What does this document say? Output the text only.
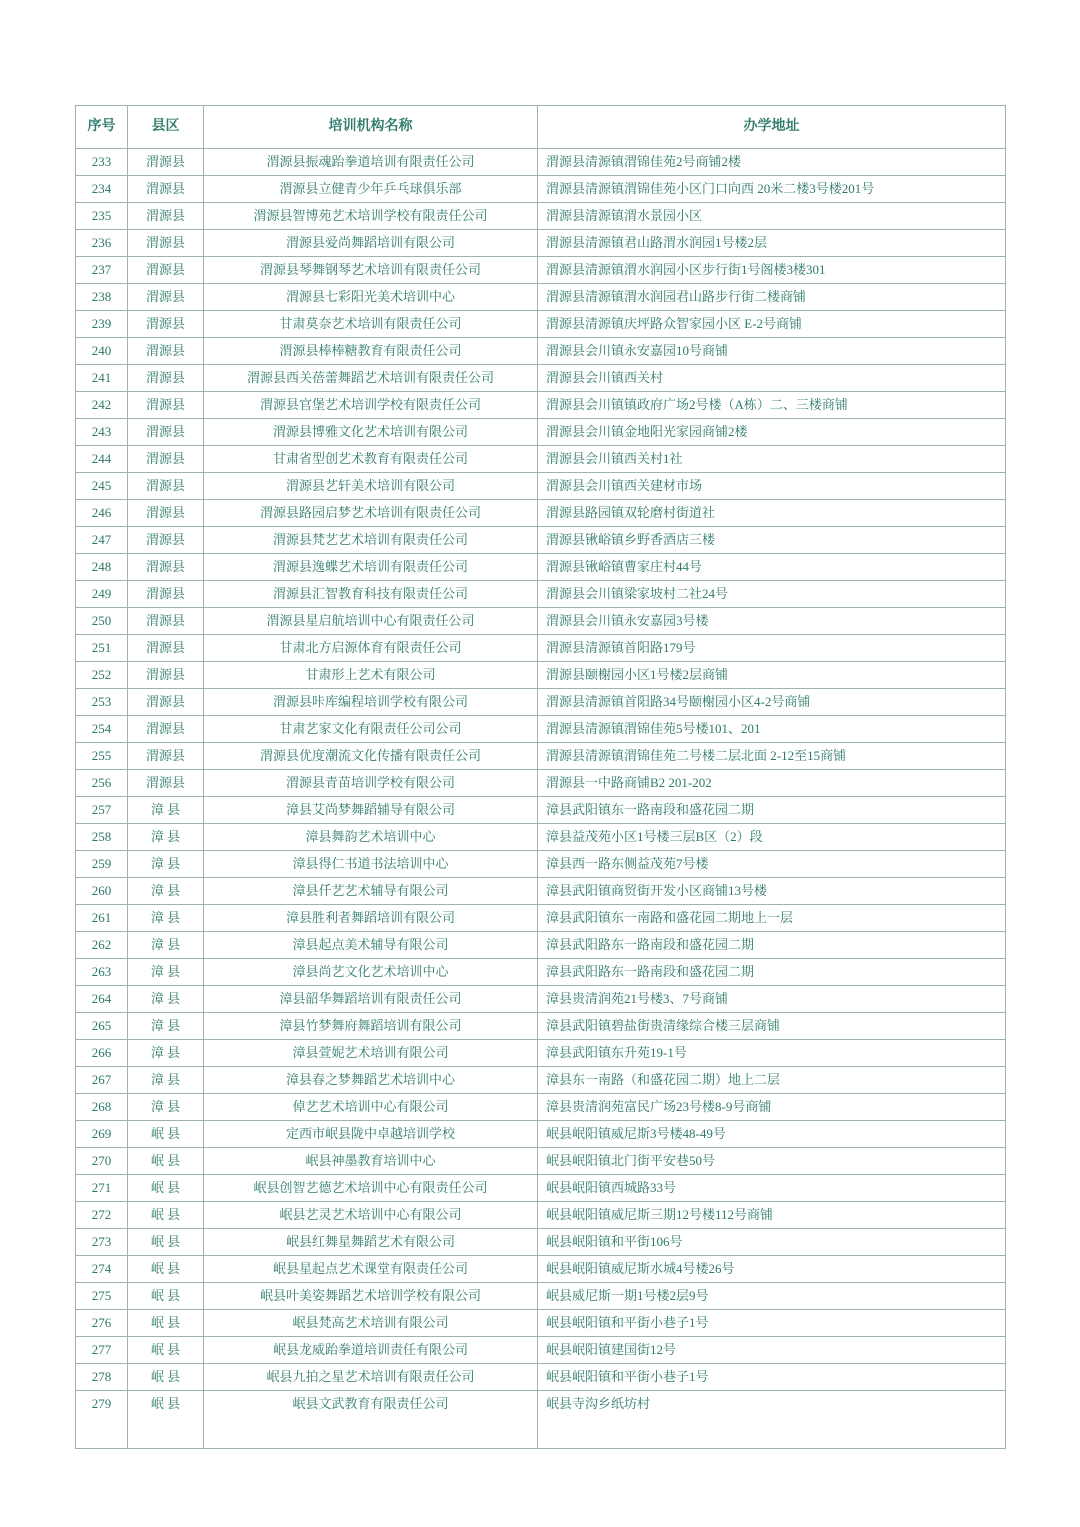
序号	县区	培训机构名称	办学地址
233	渭源县	渭源县振魂跆拳道培训有限责任公司	渭源县清源镇渭锦佳苑2号商铺2楼
234	渭源县	渭源县立健青少年乒乓球俱乐部	渭源县清源镇渭锦佳苑小区门口向西 20米二楼3号楼201号
235	渭源县	渭源县智博苑艺术培训学校有限责任公司	渭源县清源镇渭水景园小区
236	渭源县	渭源县爱尚舞蹈培训有限公司	渭源县清源镇君山路渭水润园1号楼2层
237	渭源县	渭源县琴舞钢琴艺术培训有限责任公司	渭源县清源镇渭水润园小区步行街1号阁楼3楼301
238	渭源县	渭源县七彩阳光美术培训中心	渭源县清源镇渭水润园君山路步行街二楼商铺
239	渭源县	甘肃莫奈艺术培训有限责任公司	渭源县清源镇庆坪路众智家园小区 E-2号商铺
240	渭源县	渭源县棒棒糖教育有限责任公司	渭源县会川镇永安嘉园10号商铺
241	渭源县	渭源县西关蓓蕾舞蹈艺术培训有限责任公司	渭源县会川镇西关村
242	渭源县	渭源县官堡艺术培训学校有限责任公司	渭源县会川镇镇政府广场2号楼（A栋）二、三楼商铺
243	渭源县	渭源县博雅文化艺术培训有限公司	渭源县会川镇金地阳光家园商铺2楼
244	渭源县	甘肃省型创艺术教育有限责任公司	渭源县会川镇西关村1社
245	渭源县	渭源县艺轩美术培训有限公司	渭源县会川镇西关建材市场
246	渭源县	渭源县路园启梦艺术培训有限责任公司	渭源县路园镇双轮磨村街道社
247	渭源县	渭源县梵艺艺术培训有限责任公司	渭源县锹峪镇乡野香酒店三楼
248	渭源县	渭源县逸蝶艺术培训有限责任公司	渭源县锹峪镇曹家庄村44号
249	渭源县	渭源县汇智教育科技有限责任公司	渭源县会川镇梁家坡村二社24号
250	渭源县	渭源县星启航培训中心有限责任公司	渭源县会川镇永安嘉园3号楼
251	渭源县	甘肃北方启源体育有限责任公司	渭源县清源镇首阳路179号
252	渭源县	甘肃形上艺术有限公司	渭源县颐榭园小区1号楼2层商铺
253	渭源县	渭源县咔库编程培训学校有限公司	渭源县清源镇首阳路34号颐榭园小区4-2号商铺
254	渭源县	甘肃艺家文化有限责任公司公司	渭源县清源镇渭锦佳苑5号楼101、201
255	渭源县	渭源县优度潮流文化传播有限责任公司	渭源县清源镇渭锦佳苑二号楼二层北面 2-12至15商铺
256	渭源县	渭源县青苗培训学校有限公司	渭源县一中路商铺B2 201-202
257	漳 县	漳县艾尚梦舞蹈辅导有限公司	漳县武阳镇东一路南段和盛花园二期
258	漳 县	漳县舞韵艺术培训中心	漳县益茂苑小区1号楼三层B区（2）段
259	漳 县	漳县得仁书道书法培训中心	漳县西一路东侧益茂苑7号楼
260	漳 县	漳县仟艺艺术辅导有限公司	漳县武阳镇商贸街开发小区商铺13号楼
261	漳 县	漳县胜利者舞蹈培训有限公司	漳县武阳镇东一南路和盛花园二期地上一层
262	漳 县	漳县起点美术辅导有限公司	漳县武阳路东一路南段和盛花园二期
263	漳 县	漳县尚艺文化艺术培训中心	漳县武阳路东一路南段和盛花园二期
264	漳 县	漳县韶华舞蹈培训有限责任公司	漳县贵清润苑21号楼3、7号商铺
265	漳 县	漳县竹梦舞府舞蹈培训有限公司	漳县武阳镇碧盐街贵清缘综合楼三层商铺
266	漳 县	漳县萱妮艺术培训有限公司	漳县武阳镇东升苑19-1号
267	漳 县	漳县春之梦舞蹈艺术培训中心	漳县东一南路（和盛花园二期）地上二层
268	漳 县	倬艺艺术培训中心有限公司	漳县贵清润苑富民广场23号楼8-9号商铺
269	岷 县	定西市岷县陇中卓越培训学校	岷县岷阳镇威尼斯3号楼48-49号
270	岷 县	岷县神墨教育培训中心	岷县岷阳镇北门街平安巷50号
271	岷 县	岷县创智艺德艺术培训中心有限责任公司	岷县岷阳镇西城路33号
272	岷 县	岷县艺灵艺术培训中心有限公司	岷县岷阳镇威尼斯三期12号楼112号商铺
273	岷 县	岷县红舞星舞蹈艺术有限公司	岷县岷阳镇和平街106号
274	岷 县	岷县星起点艺术课堂有限责任公司	岷县岷阳镇威尼斯水城4号楼26号
275	岷 县	岷县叶美姿舞蹈艺术培训学校有限公司	岷县威尼斯一期1号楼2层9号
276	岷 县	岷县梵高艺术培训有限公司	岷县岷阳镇和平街小巷子1号
277	岷 县	岷县龙威跆拳道培训责任有限公司	岷县岷阳镇建国街12号
278	岷 县	岷县九拍之星艺术培训有限责任公司	岷县岷阳镇和平街小巷子1号
279	岷 县	岷县文武教育有限责任公司	岷县寺沟乡纸坊村
